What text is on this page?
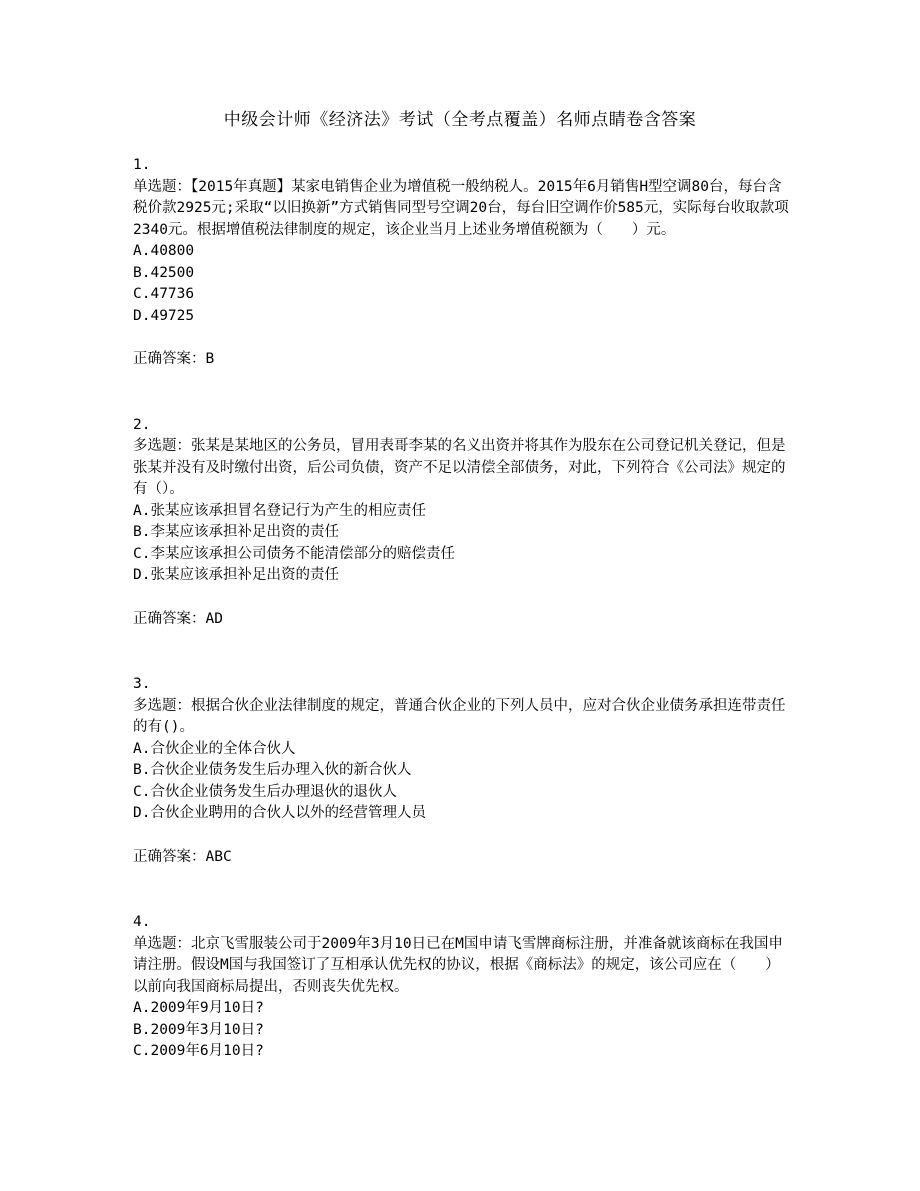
中级会计师《经济法》考试（全考点覆盖）名师点睛卷含答案
1.
单选题：【2015年真题】某家电销售企业为增值税一般纳税人。2015年6月销售H型空调80台，每台含税价款2925元;采取“以旧换新”方式销售同型号空调20台，每台旧空调作价585元，实际每台收取款项2340元。根据增值税法律制度的规定，该企业当月上述业务增值税额为（　　）元。
A.40800
B.42500
C.47736
D.49725
正确答案：B
2.
多选题：张某是某地区的公务员，冒用表哥李某的名义出资并将其作为股东在公司登记机关登记，但是张某并没有及时缴付出资，后公司负债，资产不足以清偿全部债务，对此，下列符合《公司法》规定的有（）。
A.张某应该承担冒名登记行为产生的相应责任
B.李某应该承担补足出资的责任
C.李某应该承担公司债务不能清偿部分的赔偿责任
D.张某应该承担补足出资的责任
正确答案：AD
3.
多选题：根据合伙企业法律制度的规定，普通合伙企业的下列人员中，应对合伙企业债务承担连带责任的有()。
A.合伙企业的全体合伙人
B.合伙企业债务发生后办理入伙的新合伙人
C.合伙企业债务发生后办理退伙的退伙人
D.合伙企业聘用的合伙人以外的经营管理人员
正确答案：ABC
4.
单选题：北京飞雪服装公司于2009年3月10日已在M国申请飞雪牌商标注册，并准备就该商标在我国申请注册。假设M国与我国签订了互相承认优先权的协议，根据《商标法》的规定，该公司应在（　　）以前向我国商标局提出，否则丧失优先权。
A.2009年9月10日?
B.2009年3月10日?
C.2009年6月10日?
